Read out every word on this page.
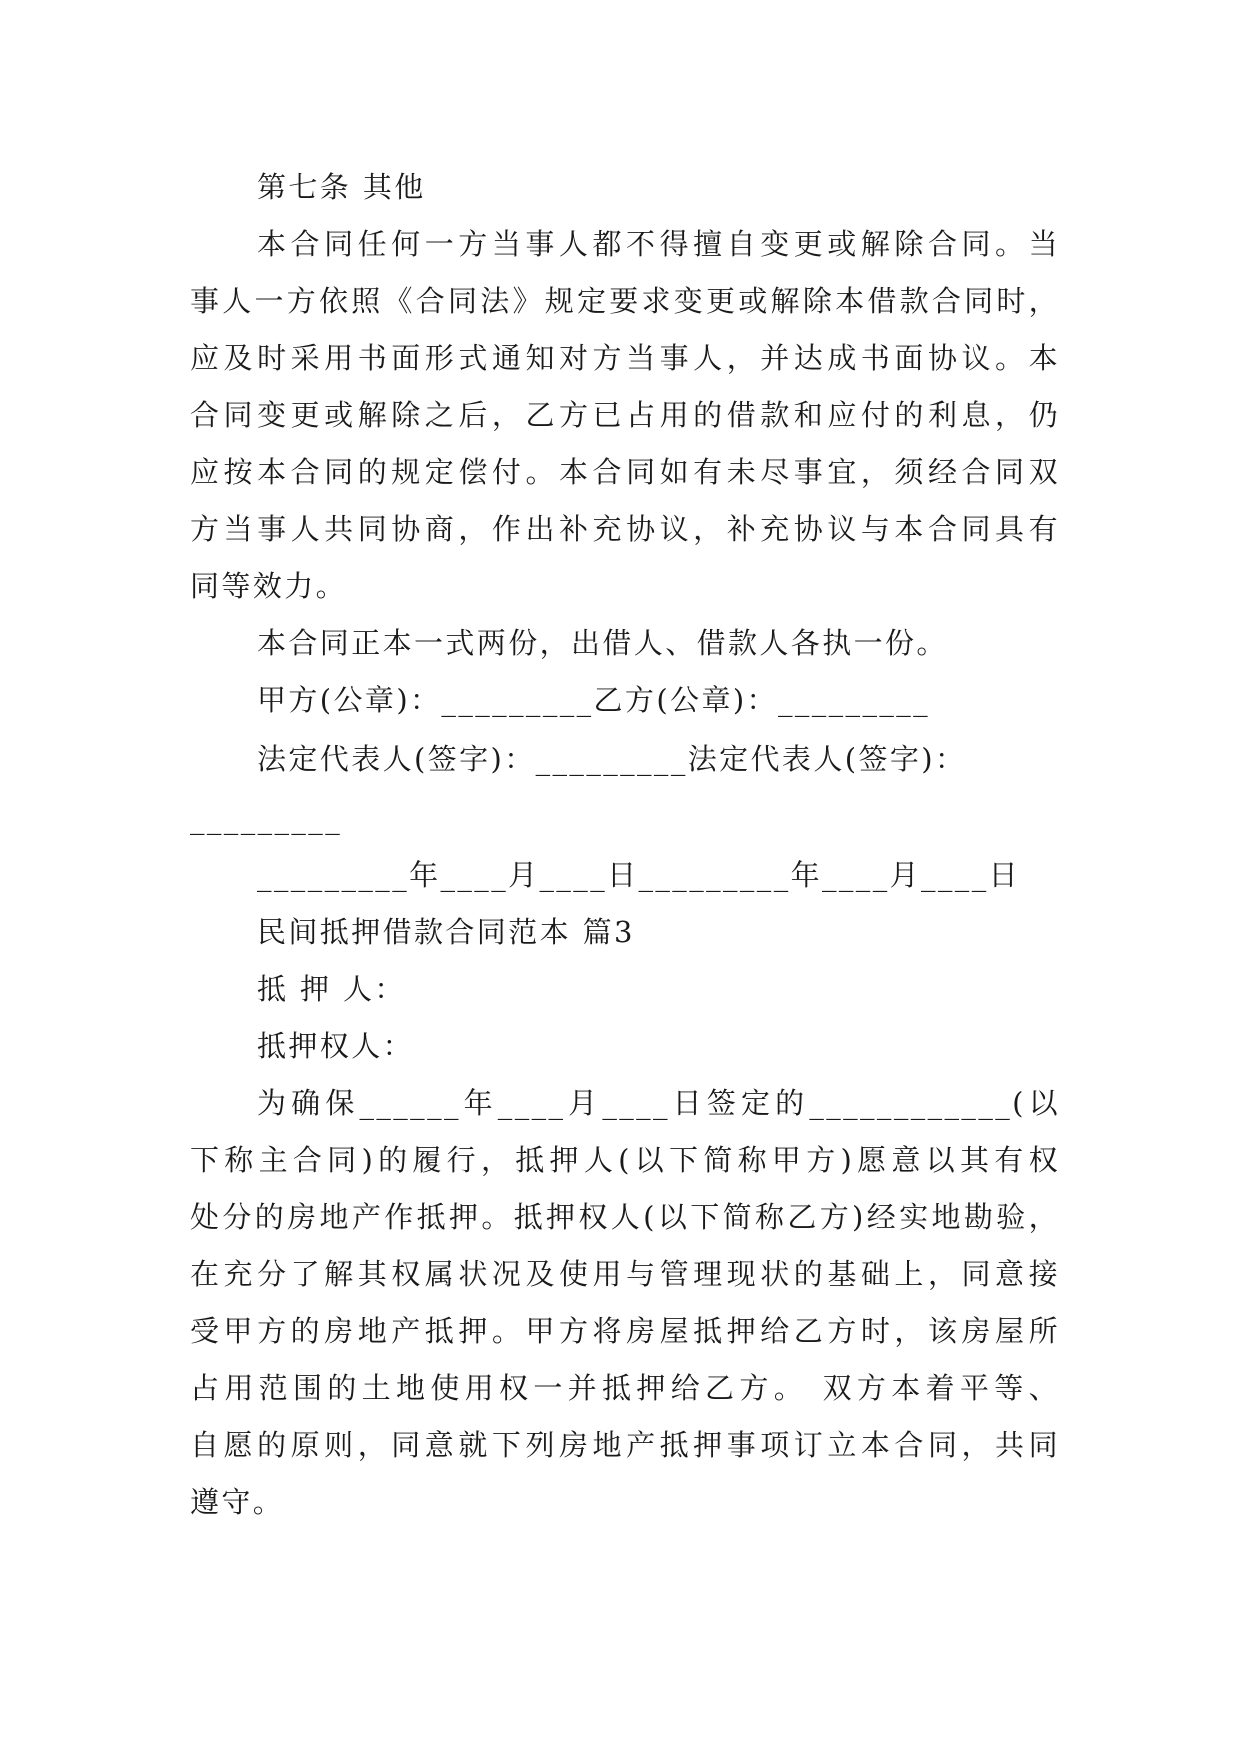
第七条 其他
本合同任何一方当事人都不得擅自变更或解除合同。当
事人一方依照《合同法》规定要求变更或解除本借款合同时，
应及时采用书面形式通知对方当事人，并达成书面协议。本
合同变更或解除之后，乙方已占用的借款和应付的利息，仍
应按本合同的规定偿付。本合同如有未尽事宜，须经合同双
方当事人共同协商，作出补充协议，补充协议与本合同具有
同等效力。
本合同正本一式两份，出借人、借款人各执一份。
甲方(公章)：_________乙方(公章)：_________
法定代表人(签字)：_________法定代表人(签字)：
_________
_________年____月____日_________年____月____日
民间抵押借款合同范本 篇3
抵 押 人：
抵押权人：
为确保______年____月____日签定的____________(以
下称主合同)的履行，抵押人(以下简称甲方)愿意以其有权
处分的房地产作抵押。抵押权人(以下简称乙方)经实地勘验，
在充分了解其权属状况及使用与管理现状的基础上，同意接
受甲方的房地产抵押。甲方将房屋抵押给乙方时，该房屋所
占用范围的土地使用权一并抵押给乙方。 双方本着平等、
自愿的原则，同意就下列房地产抵押事项订立本合同，共同
遵守。
